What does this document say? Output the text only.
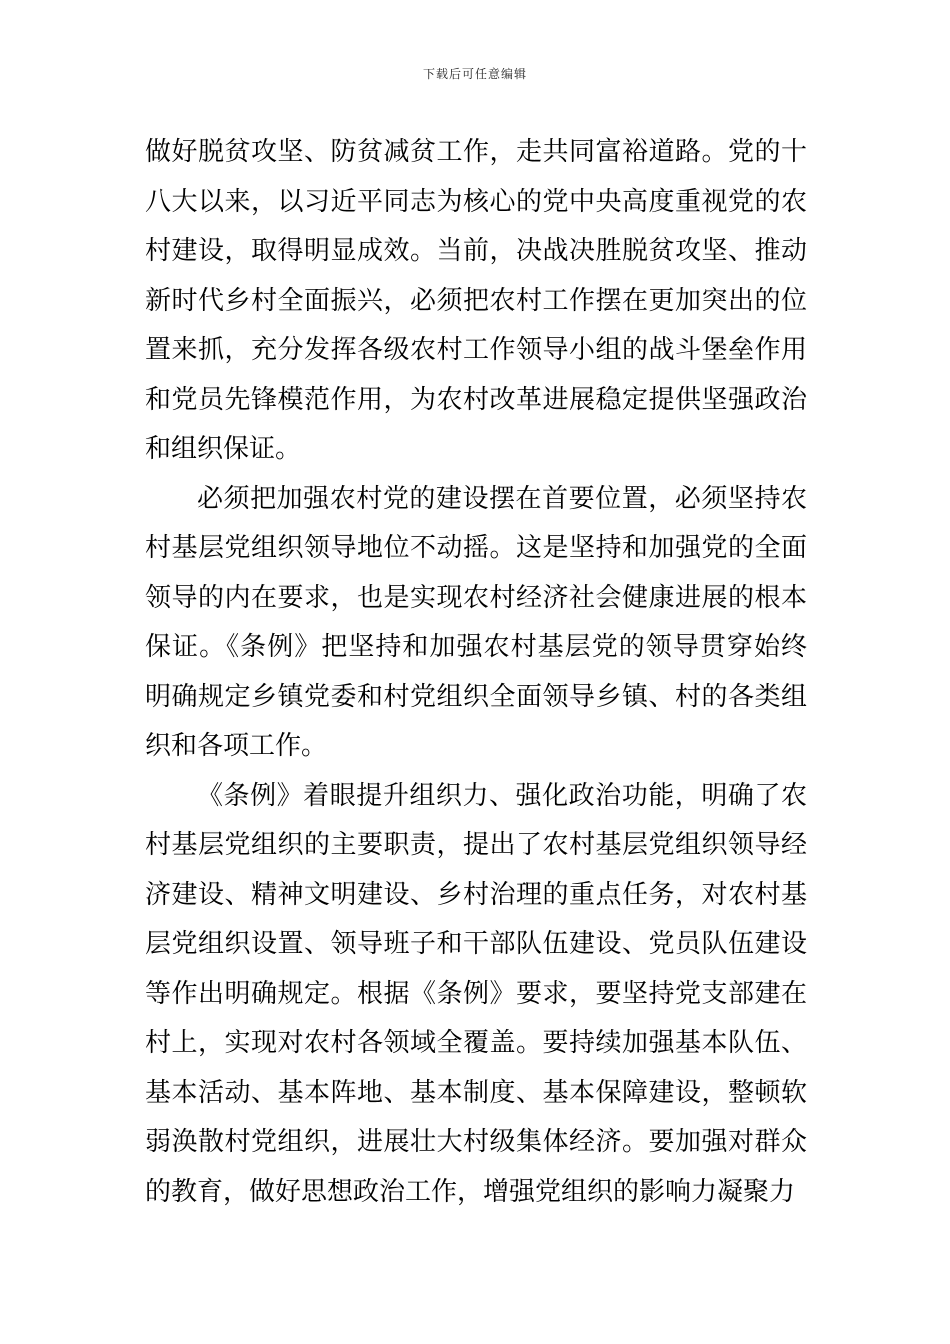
下载后可任意编辑

做好脱贫攻坚、防贫减贫工作，走共同富裕道路。党的十八大以来，以习近平同志为核心的党中央高度重视党的农村建设，取得明显成效。当前，决战决胜脱贫攻坚、推动新时代乡村全面振兴，必须把农村工作摆在更加突出的位置来抓，充分发挥各级农村工作领导小组的战斗堡垒作用和党员先锋模范作用，为农村改革进展稳定提供坚强政治和组织保证。

必须把加强农村党的建设摆在首要位置，必须坚持农村基层党组织领导地位不动摇。这是坚持和加强党的全面领导的内在要求，也是实现农村经济社会健康进展的根本保证。《条例》把坚持和加强农村基层党的领导贯穿始终明确规定乡镇党委和村党组织全面领导乡镇、村的各类组织和各项工作。

《条例》着眼提升组织力、强化政治功能，明确了农村基层党组织的主要职责，提出了农村基层党组织领导经济建设、精神文明建设、乡村治理的重点任务，对农村基层党组织设置、领导班子和干部队伍建设、党员队伍建设等作出明确规定。根据《条例》要求，要坚持党支部建在村上，实现对农村各领域全覆盖。要持续加强基本队伍、基本活动、基本阵地、基本制度、基本保障建设，整顿软弱涣散村党组织，进展壮大村级集体经济。要加强对群众的教育，做好思想政治工作，增强党组织的影响力凝聚力
